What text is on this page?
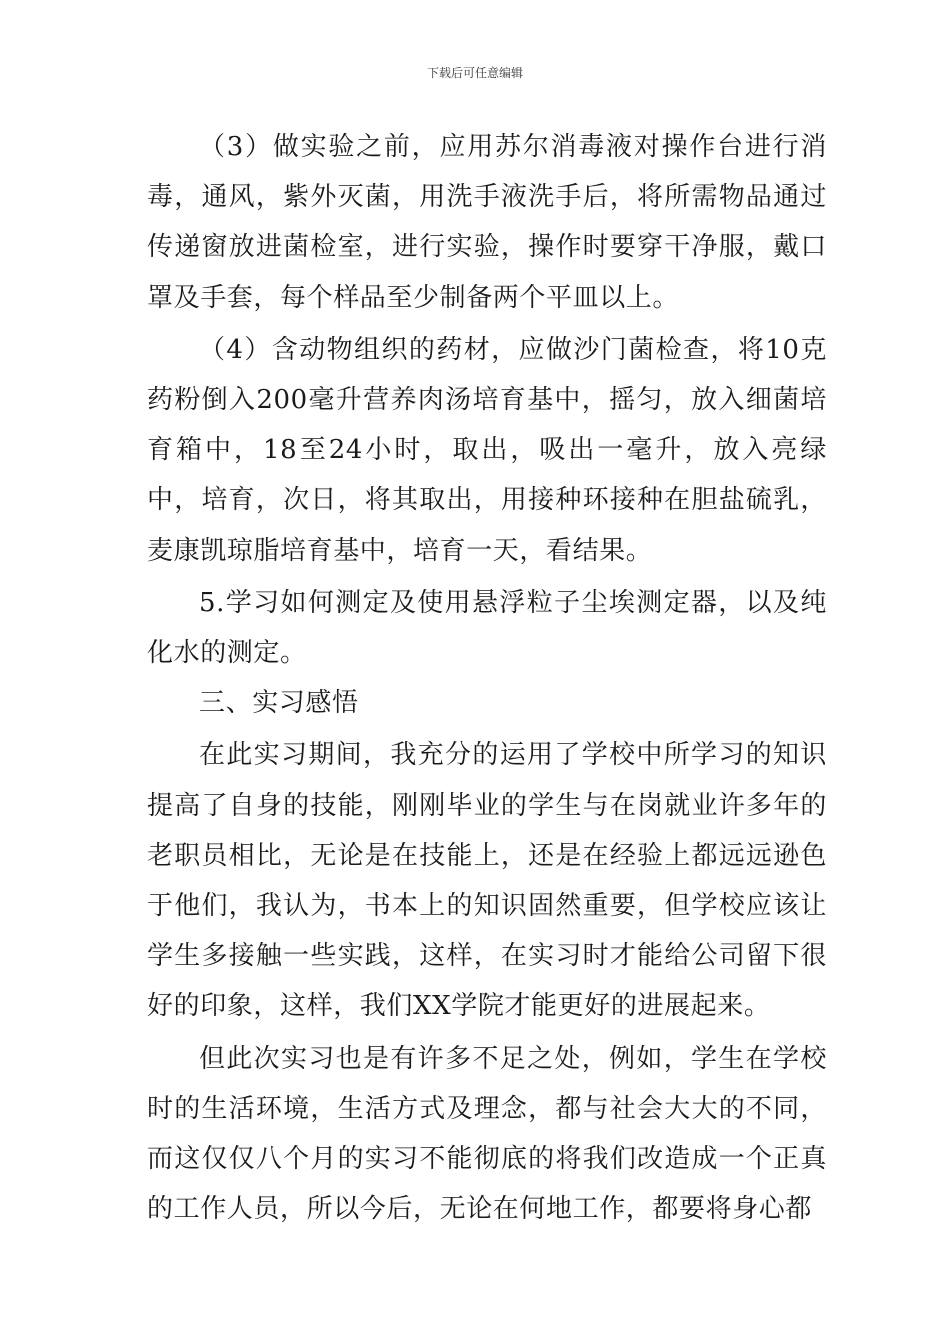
下载后可任意编辑

（3）做实验之前，应用苏尔消毒液对操作台进行消毒，通风，紫外灭菌，用洗手液洗手后，将所需物品通过传递窗放进菌检室，进行实验，操作时要穿干净服，戴口罩及手套，每个样品至少制备两个平皿以上。

（4）含动物组织的药材，应做沙门菌检查，将10克药粉倒入200毫升营养肉汤培育基中，摇匀，放入细菌培育箱中，18至24小时，取出，吸出一毫升，放入亮绿中，培育，次日，将其取出，用接种环接种在胆盐硫乳，麦康凯琼脂培育基中，培育一天，看结果。

5.学习如何测定及使用悬浮粒子尘埃测定器，以及纯化水的测定。

三、实习感悟

在此实习期间，我充分的运用了学校中所学习的知识提高了自身的技能，刚刚毕业的学生与在岗就业许多年的老职员相比，无论是在技能上，还是在经验上都远远逊色于他们，我认为，书本上的知识固然重要，但学校应该让学生多接触一些实践，这样，在实习时才能给公司留下很好的印象，这样，我们XX学院才能更好的进展起来。

但此次实习也是有许多不足之处，例如，学生在学校时的生活环境，生活方式及理念，都与社会大大的不同，而这仅仅八个月的实习不能彻底的将我们改造成一个正真的工作人员，所以今后，无论在何地工作，都要将身心都
